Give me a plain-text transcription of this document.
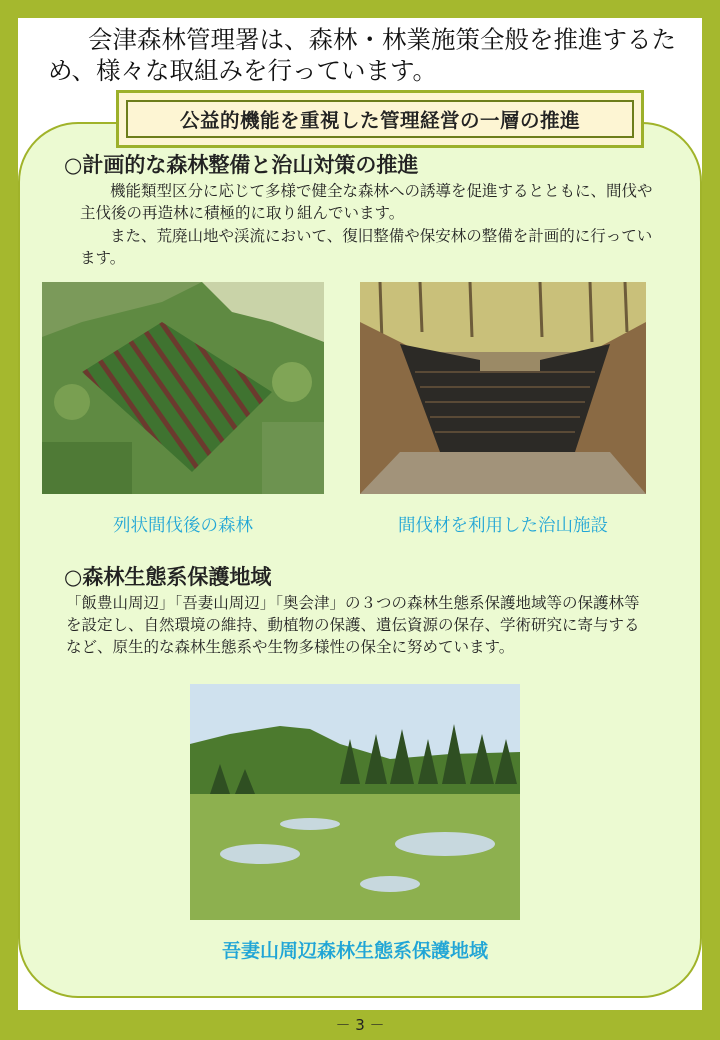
会津森林管理署は、森林・林業施策全般を推進するため、様々な取組みを行っています。

公益的機能を重視した管理経営の一層の推進
○計画的な森林整備と治山対策の推進

機能類型区分に応じて多様で健全な森林への誘導を促進するとともに、間伐や主伐後の再造林に積極的に取り組んでいます。

また、荒廃山地や渓流において、復旧整備や保安林の整備を計画的に行っています。

列状間伐後の森林	間伐材を利用した治山施設

○森林生態系保護地域

「飯豊山周辺」「吾妻山周辺」「奥会津」の３つの森林生態系保護地域等の保護林等を設定し、自然環境の維持、動植物の保護、遺伝資源の保存、学術研究に寄与するなど、原生的な森林生態系や生物多様性の保全に努めています。

吾妻山周辺森林生態系保護地域

－ 3 －
